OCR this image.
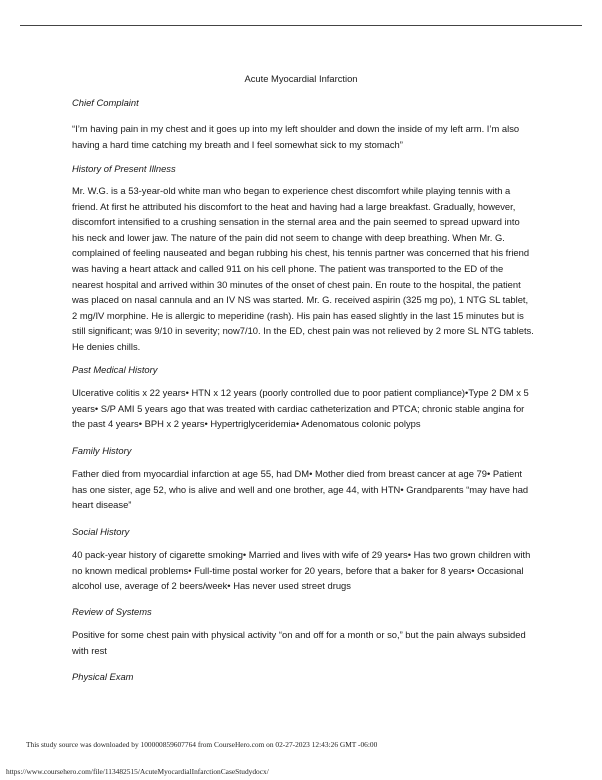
Acute Myocardial Infarction
Chief Complaint

“I’m having pain in my chest and it goes up into my left shoulder and down the inside of my left arm. I’m also having a hard time catching my breath and I feel somewhat sick to my stomach”

History of Present Illness

Mr. W.G. is a 53-year-old white man who began to experience chest discomfort while playing tennis with a friend. At first he attributed his discomfort to the heat and having had a large breakfast. Gradually, however, discomfort intensified to a crushing sensation in the sternal area and the pain seemed to spread upward into his neck and lower jaw. The nature of the pain did not seem to change with deep breathing. When Mr. G. complained of feeling nauseated and began rubbing his chest, his tennis partner was concerned that his friend was having a heart attack and called 911 on his cell phone. The patient was transported to the ED of the nearest hospital and arrived within 30 minutes of the onset of chest pain. En route to the hospital, the patient was placed on nasal cannula and an IV NS was started. Mr. G. received aspirin (325 mg po), 1 NTG SL tablet, 2 mg/IV morphine. He is allergic to meperidine (rash). His pain has eased slightly in the last 15 minutes but is still significant; was 9/10 in severity; now7/10. In the ED, chest pain was not relieved by 2 more SL NTG tablets. He denies chills.

Past Medical History

Ulcerative colitis x 22 years• HTN x 12 years (poorly controlled due to poor patient compliance)•Type 2 DM x 5 years• S/P AMI 5 years ago that was treated with cardiac catheterization and PTCA; chronic stable angina for the past 4 years• BPH x 2 years• Hypertriglyceridemia• Adenomatous colonic polyps

Family History

Father died from myocardial infarction at age 55, had DM• Mother died from breast cancer at age 79• Patient has one sister, age 52, who is alive and well and one brother, age 44, with HTN• Grandparents “may have had heart disease”

Social History

40 pack-year history of cigarette smoking• Married and lives with wife of 29 years• Has two grown children with no known medical problems• Full-time postal worker for 20 years, before that a baker for 8 years• Occasional alcohol use, average of 2 beers/week• Has never used street drugs

Review of Systems

Positive for some chest pain with physical activity “on and off for a month or so,” but the pain always subsided with rest

Physical Exam
This study source was downloaded by 100000859607764 from CourseHero.com on 02-27-2023 12:43:26 GMT -06:00
https://www.coursehero.com/file/113482515/AcuteMyocardialInfarctionCaseStudydocx/
